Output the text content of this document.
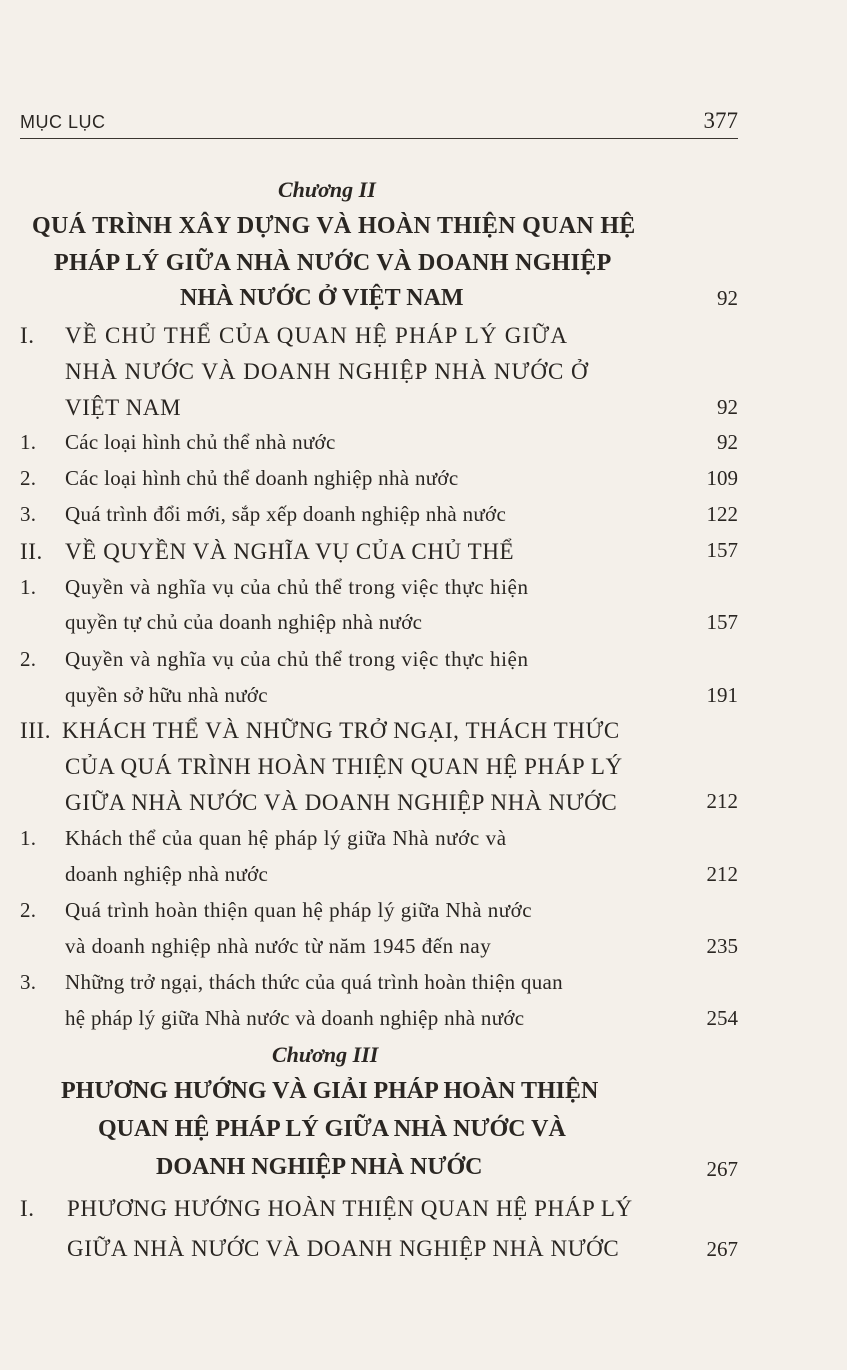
MỤC LỤC	377
Chương II
QUÁ TRÌNH XÂY DỰNG VÀ HOÀN THIỆN QUAN HỆ
PHÁP LÝ GIỮA NHÀ NƯỚC VÀ DOANH NGHIỆP
NHÀ NƯỚC Ở VIỆT NAM	92
I. VỀ CHỦ THỂ CỦA QUAN HỆ PHÁP LÝ GIỮA
NHÀ NƯỚC VÀ DOANH NGHIỆP NHÀ NƯỚC Ở
VIỆT NAM	92
1. Các loại hình chủ thể nhà nước	92
2. Các loại hình chủ thể doanh nghiệp nhà nước	109
3. Quá trình đổi mới, sắp xếp doanh nghiệp nhà nước	122
II. VỀ QUYỀN VÀ NGHĨA VỤ CỦA CHỦ THỂ	157
1. Quyền và nghĩa vụ của chủ thể trong việc thực hiện
quyền tự chủ của doanh nghiệp nhà nước	157
2. Quyền và nghĩa vụ của chủ thể trong việc thực hiện
quyền sở hữu nhà nước	191
III. KHÁCH THỂ VÀ NHỮNG TRỞ NGẠI, THÁCH THỨC
CỦA QUÁ TRÌNH HOÀN THIỆN QUAN HỆ PHÁP LÝ
GIỮA NHÀ NƯỚC VÀ DOANH NGHIỆP NHÀ NƯỚC	212
1. Khách thể của quan hệ pháp lý giữa Nhà nước và
doanh nghiệp nhà nước	212
2. Quá trình hoàn thiện quan hệ pháp lý giữa Nhà nước
và doanh nghiệp nhà nước từ năm 1945 đến nay	235
3. Những trở ngại, thách thức của quá trình hoàn thiện quan
hệ pháp lý giữa Nhà nước và doanh nghiệp nhà nước	254
Chương III
PHƯƠNG HƯỚNG VÀ GIẢI PHÁP HOÀN THIỆN
QUAN HỆ PHÁP LÝ GIỮA NHÀ NƯỚC VÀ
DOANH NGHIỆP NHÀ NƯỚC	267
I. PHƯƠNG HƯỚNG HOÀN THIỆN QUAN HỆ PHÁP LÝ
GIỮA NHÀ NƯỚC VÀ DOANH NGHIỆP NHÀ NƯỚC	267
